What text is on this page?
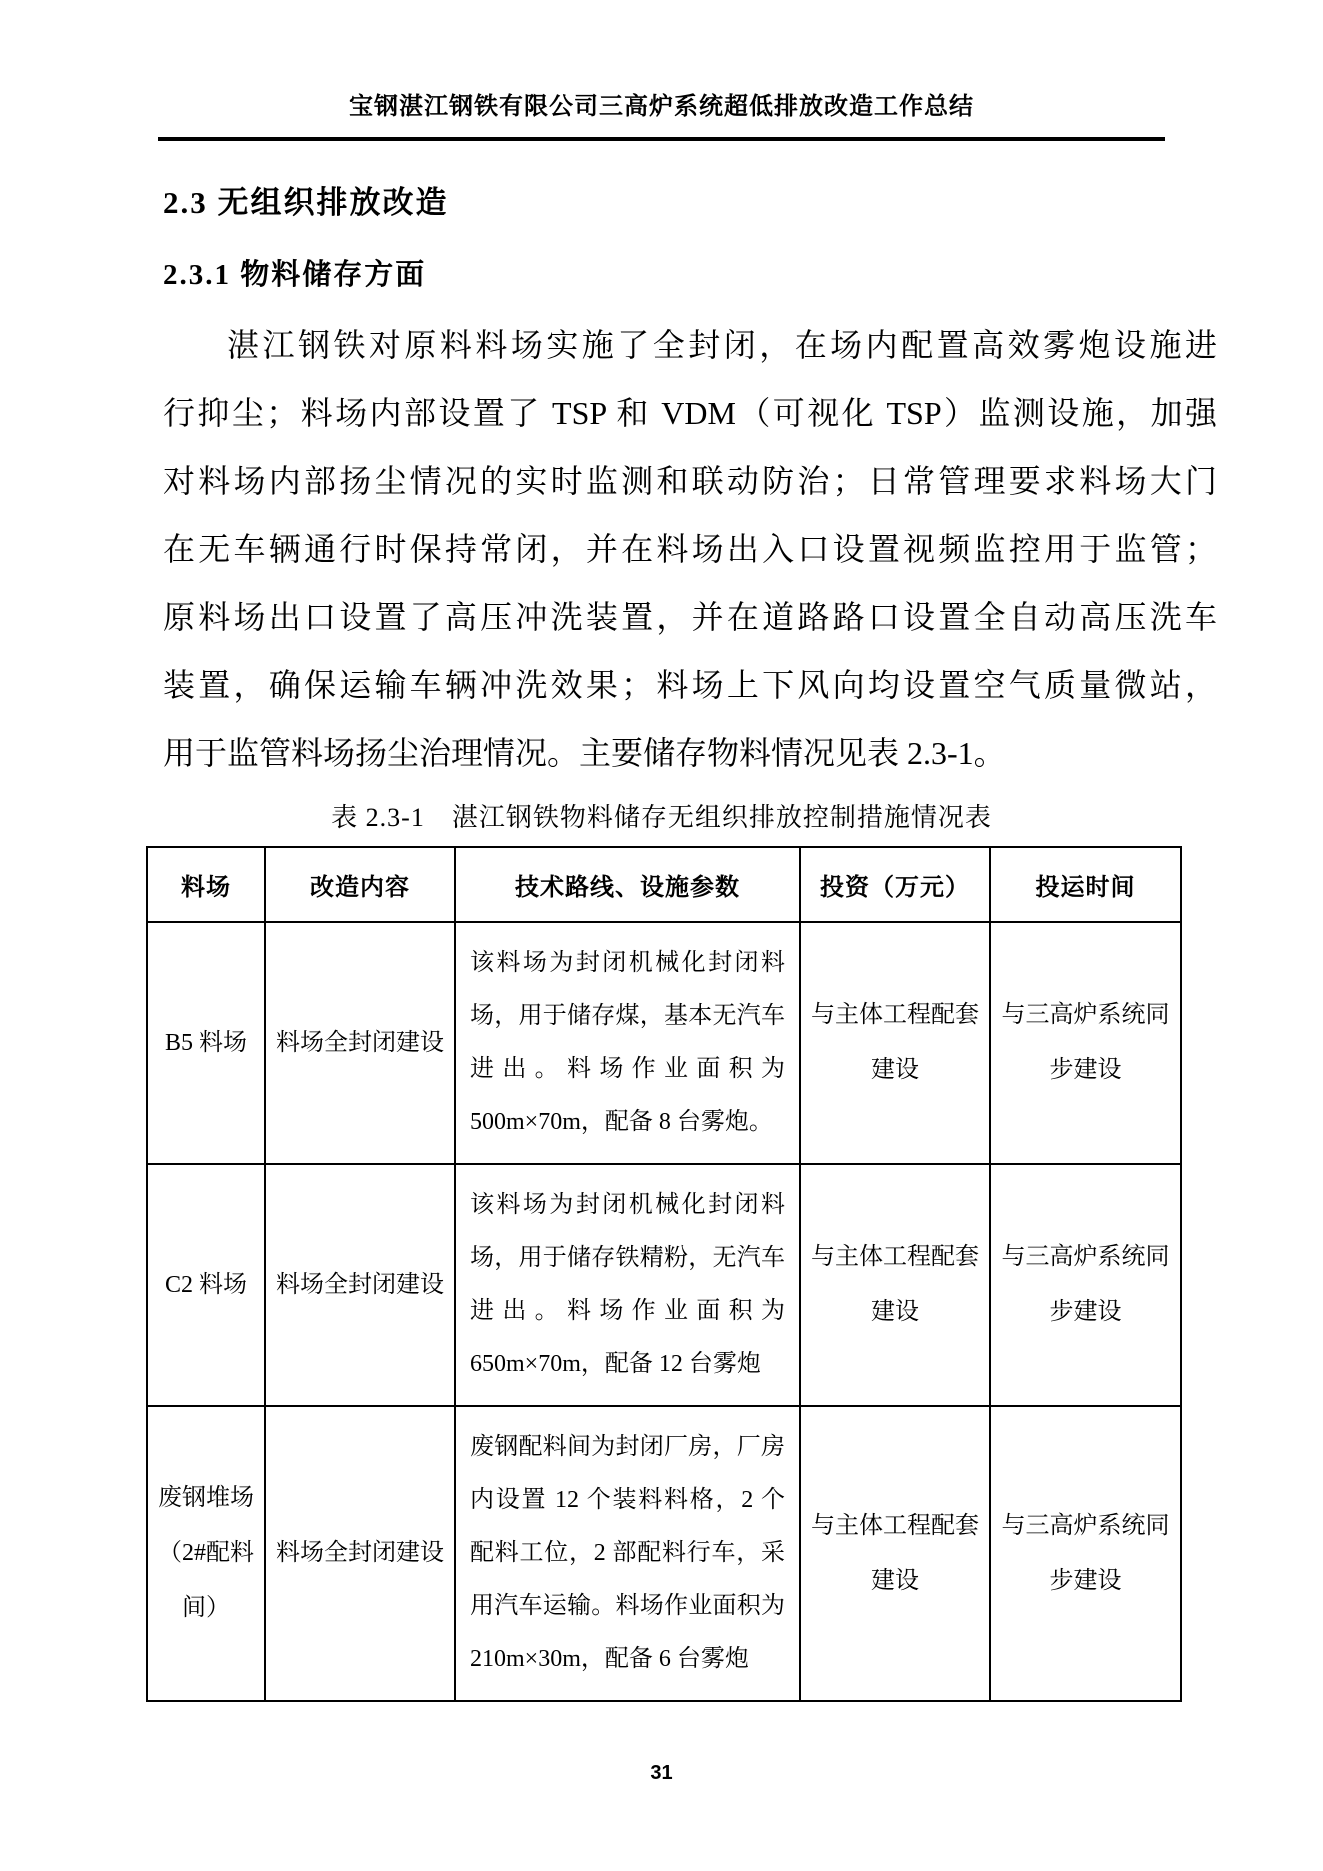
宝钢湛江钢铁有限公司三高炉系统超低排放改造工作总结
2.3 无组织排放改造
2.3.1 物料储存方面
湛江钢铁对原料料场实施了全封闭，在场内配置高效雾炮设施进
行抑尘；料场内部设置了 TSP 和 VDM（可视化 TSP）监测设施，加强
对料场内部扬尘情况的实时监测和联动防治；日常管理要求料场大门
在无车辆通行时保持常闭，并在料场出入口设置视频监控用于监管；
原料场出口设置了高压冲洗装置，并在道路路口设置全自动高压洗车
装置，确保运输车辆冲洗效果；料场上下风向均设置空气质量微站，
用于监管料场扬尘治理情况。主要储存物料情况见表 2.3-1。
表 2.3-1　湛江钢铁物料储存无组织排放控制措施情况表
料场	改造内容	技术路线、设施参数	投资（万元）	投运时间
B5 料场	料场全封闭建设	该料场为封闭机械化封闭料场，用于储存煤，基本无汽车进出。料场作业面积为 500m×70m，配备 8 台雾炮。	与主体工程配套建设	与三高炉系统同步建设
C2 料场	料场全封闭建设	该料场为封闭机械化封闭料场，用于储存铁精粉，无汽车进出。料场作业面积为 650m×70m，配备 12 台雾炮	与主体工程配套建设	与三高炉系统同步建设
废钢堆场（2#配料间）	料场全封闭建设	废钢配料间为封闭厂房，厂房内设置 12 个装料料格，2 个配料工位，2 部配料行车，采用汽车运输。料场作业面积为 210m×30m，配备 6 台雾炮	与主体工程配套建设	与三高炉系统同步建设
31
